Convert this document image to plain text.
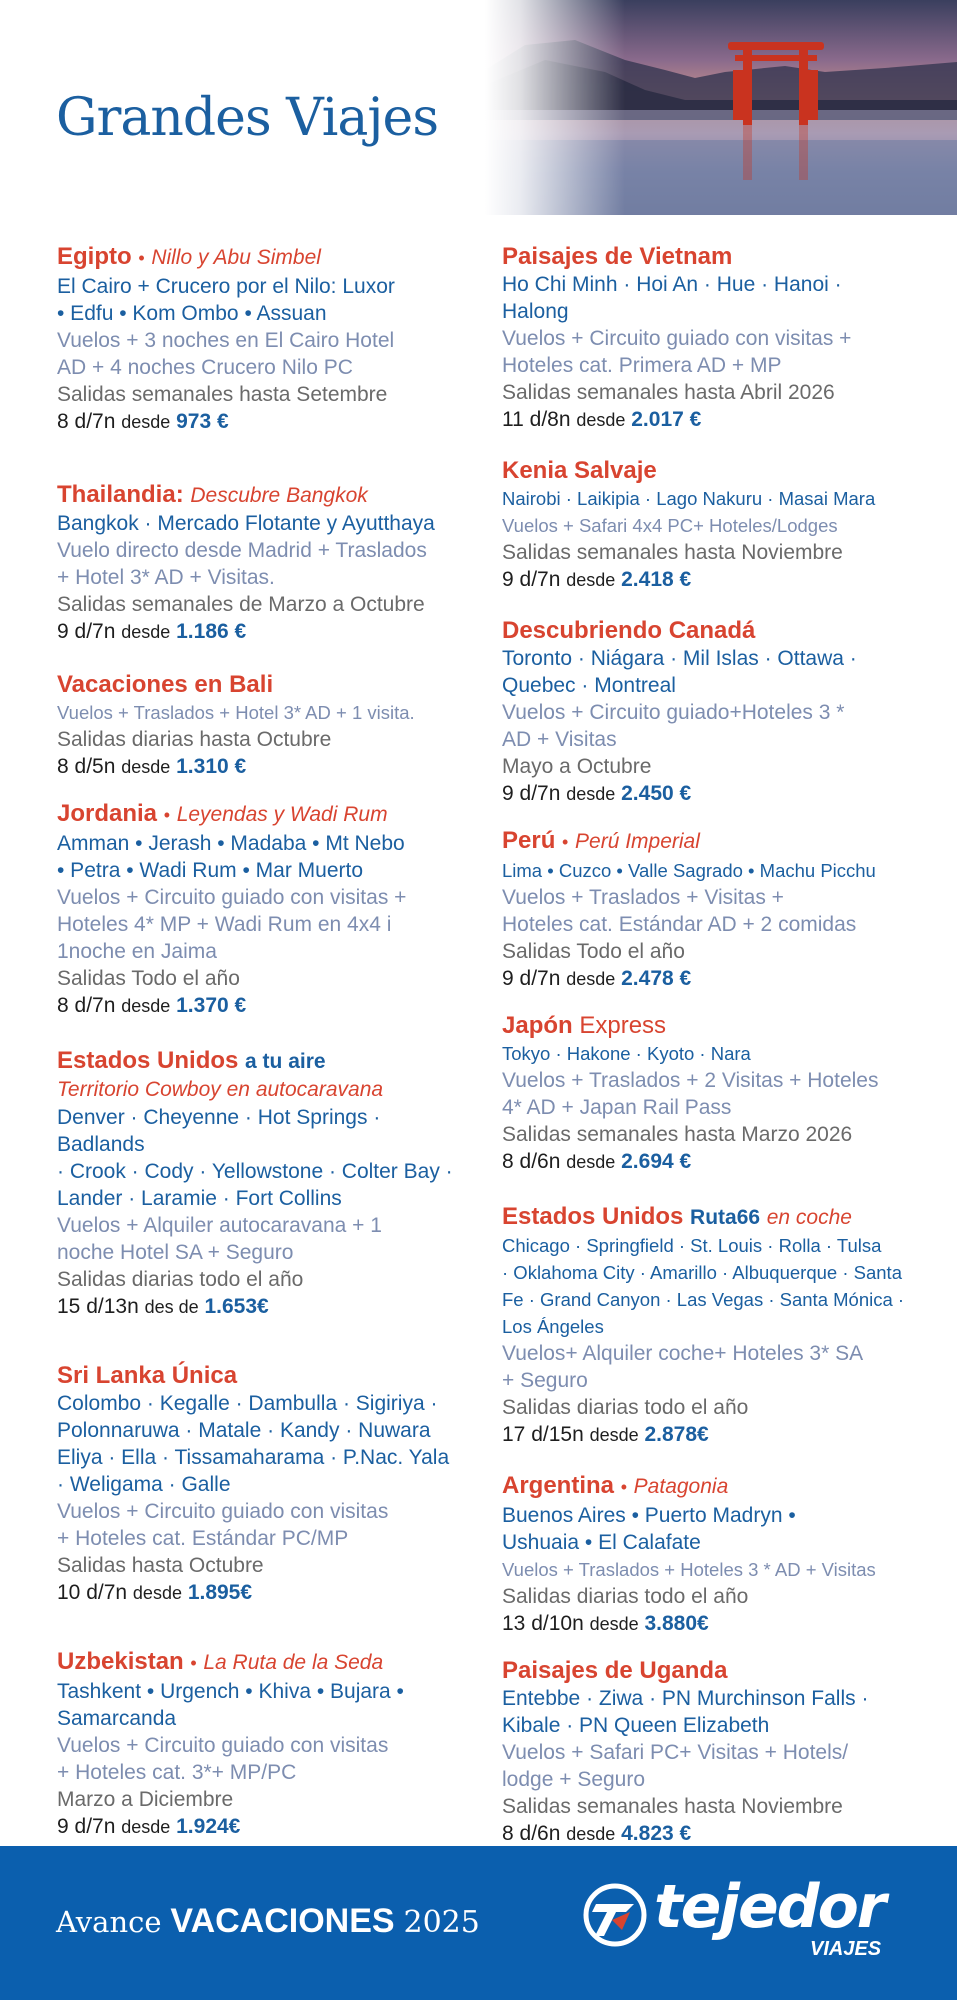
Grandes Viajes
Egipto • Nillo y Abu Simbel
El Cairo + Crucero por el Nilo: Luxor
• Edfu • Kom Ombo • Assuan
Vuelos + 3 noches en El Cairo Hotel
AD + 4 noches Crucero Nilo PC
Salidas semanales hasta Setembre
8 d/7n desde 973 €
Thailandia: Descubre Bangkok
Bangkok · Mercado Flotante y Ayutthaya
Vuelo directo desde Madrid + Traslados
+ Hotel 3* AD + Visitas.
Salidas semanales de Marzo a Octubre
9 d/7n desde 1.186 €
Vacaciones en Bali
Vuelos + Traslados + Hotel 3* AD + 1 visita.
Salidas diarias hasta Octubre
8 d/5n desde 1.310 €
Jordania • Leyendas y Wadi Rum
Amman • Jerash • Madaba • Mt Nebo
• Petra • Wadi Rum • Mar Muerto
Vuelos + Circuito guiado con visitas +
Hoteles 4* MP + Wadi Rum en 4x4 i
1noche en Jaima
Salidas Todo el año
8 d/7n desde 1.370 €
Estados Unidos a tu aire
Territorio Cowboy en autocaravana
Denver · Cheyenne · Hot Springs · Badlands
· Crook · Cody · Yellowstone · Colter Bay ·
Lander · Laramie · Fort Collins
Vuelos + Alquiler autocaravana + 1
noche Hotel SA + Seguro
Salidas diarias todo el año
15 d/13n des de 1.653€
Sri Lanka Única
Colombo · Kegalle · Dambulla · Sigiriya ·
Polonnaruwa · Matale · Kandy · Nuwara
Eliya · Ella · Tissamaharama · P.Nac. Yala
· Weligama · Galle
Vuelos + Circuito guiado con visitas
+ Hoteles cat. Estándar PC/MP
Salidas hasta Octubre
10 d/7n desde 1.895€
Uzbekistan • La Ruta de la Seda
Tashkent • Urgench • Khiva • Bujara •
Samarcanda
Vuelos + Circuito guiado con visitas
+ Hoteles cat. 3*+ MP/PC
Marzo a Diciembre
9 d/7n desde 1.924€
Paisajes de Vietnam
Ho Chi Minh · Hoi An · Hue · Hanoi ·
Halong
Vuelos + Circuito guiado con visitas +
Hoteles cat. Primera AD + MP
Salidas semanales hasta Abril 2026
11 d/8n desde 2.017 €
Kenia Salvaje
Nairobi · Laikipia · Lago Nakuru · Masai Mara
Vuelos + Safari 4x4 PC+ Hoteles/Lodges
Salidas semanales hasta Noviembre
9 d/7n desde 2.418 €
Descubriendo Canadá
Toronto · Niágara · Mil Islas · Ottawa ·
Quebec · Montreal
Vuelos + Circuito guiado+Hoteles 3 *
AD + Visitas
Mayo a Octubre
9 d/7n desde 2.450 €
Perú • Perú Imperial
Lima • Cuzco • Valle Sagrado • Machu Picchu
Vuelos + Traslados + Visitas +
Hoteles cat. Estándar AD + 2 comidas
Salidas Todo el año
9 d/7n desde 2.478 €
Japón Express
Tokyo · Hakone · Kyoto · Nara
Vuelos + Traslados + 2 Visitas + Hoteles
4* AD + Japan Rail Pass
Salidas semanales hasta Marzo 2026
8 d/6n desde 2.694 €
Estados Unidos Ruta66 en coche
Chicago · Springfield · St. Louis · Rolla · Tulsa
· Oklahoma City · Amarillo · Albuquerque · Santa
Fe · Grand Canyon · Las Vegas · Santa Mónica ·
Los Ángeles
Vuelos+ Alquiler coche+ Hoteles 3* SA
+ Seguro
Salidas diarias todo el año
17 d/15n desde 2.878€
Argentina • Patagonia
Buenos Aires • Puerto Madryn •
Ushuaia • El Calafate
Vuelos + Traslados + Hoteles 3 * AD + Visitas
Salidas diarias todo el año
13 d/10n desde 3.880€
Paisajes de Uganda
Entebbe · Ziwa · PN Murchinson Falls ·
Kibale · PN Queen Elizabeth
Vuelos + Safari PC+ Visitas + Hotels/
lodge + Seguro
Salidas semanales hasta Noviembre
8 d/6n desde 4.823 €
Avance VACACIONES 2025	tejedor
VIAJES
